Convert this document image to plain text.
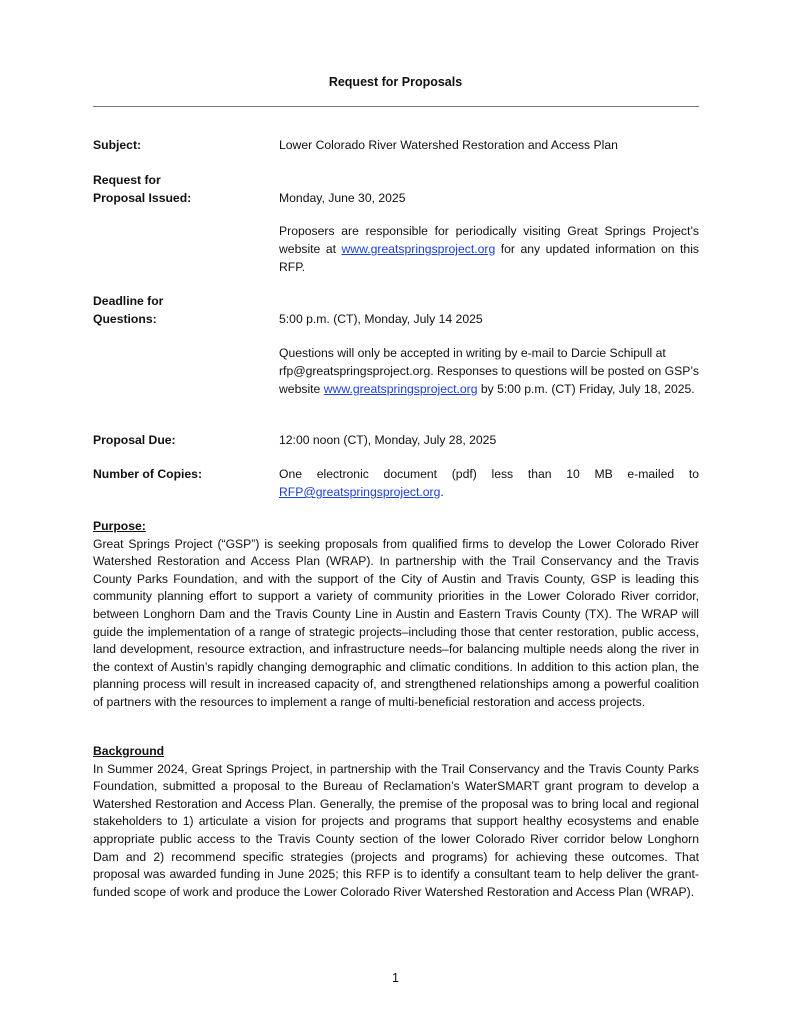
Request for Proposals
Subject:	Lower Colorado River Watershed Restoration and Access Plan
Request for
Proposal Issued:	Monday, June 30, 2025
Proposers are responsible for periodically visiting Great Springs Project’s website at www.greatspringsproject.org for any updated information on this RFP.
Deadline for
Questions:	5:00 p.m. (CT), Monday, July 14 2025
Questions will only be accepted in writing by e-mail to Darcie Schipull at rfp@greatspringsproject.org. Responses to questions will be posted on GSP’s website www.greatspringsproject.org by 5:00 p.m. (CT) Friday, July 18, 2025.
Proposal Due:	12:00 noon (CT), Monday, July 28, 2025
Number of Copies:	One electronic document (pdf) less than 10 MB e-mailed to RFP@greatspringsproject.org.
Purpose:
Great Springs Project (“GSP”) is seeking proposals from qualified firms to develop the Lower Colorado River Watershed Restoration and Access Plan (WRAP). In partnership with the Trail Conservancy and the Travis County Parks Foundation, and with the support of the City of Austin and Travis County, GSP is leading this community planning effort to support a variety of community priorities in the Lower Colorado River corridor, between Longhorn Dam and the Travis County Line in Austin and Eastern Travis County (TX). The WRAP will guide the implementation of a range of strategic projects–including those that center restoration, public access, land development, resource extraction, and infrastructure needs–for balancing multiple needs along the river in the context of Austin’s rapidly changing demographic and climatic conditions. In addition to this action plan, the planning process will result in increased capacity of, and strengthened relationships among a powerful coalition of partners with the resources to implement a range of multi-beneficial restoration and access projects.
Background
In Summer 2024, Great Springs Project, in partnership with the Trail Conservancy and the Travis County Parks Foundation, submitted a proposal to the Bureau of Reclamation’s WaterSMART grant program to develop a Watershed Restoration and Access Plan. Generally, the premise of the proposal was to bring local and regional stakeholders to 1) articulate a vision for projects and programs that support healthy ecosystems and enable appropriate public access to the Travis County section of the lower Colorado River corridor below Longhorn Dam and 2) recommend specific strategies (projects and programs) for achieving these outcomes. That proposal was awarded funding in June 2025; this RFP is to identify a consultant team to help deliver the grant-funded scope of work and produce the Lower Colorado River Watershed Restoration and Access Plan (WRAP).
1
